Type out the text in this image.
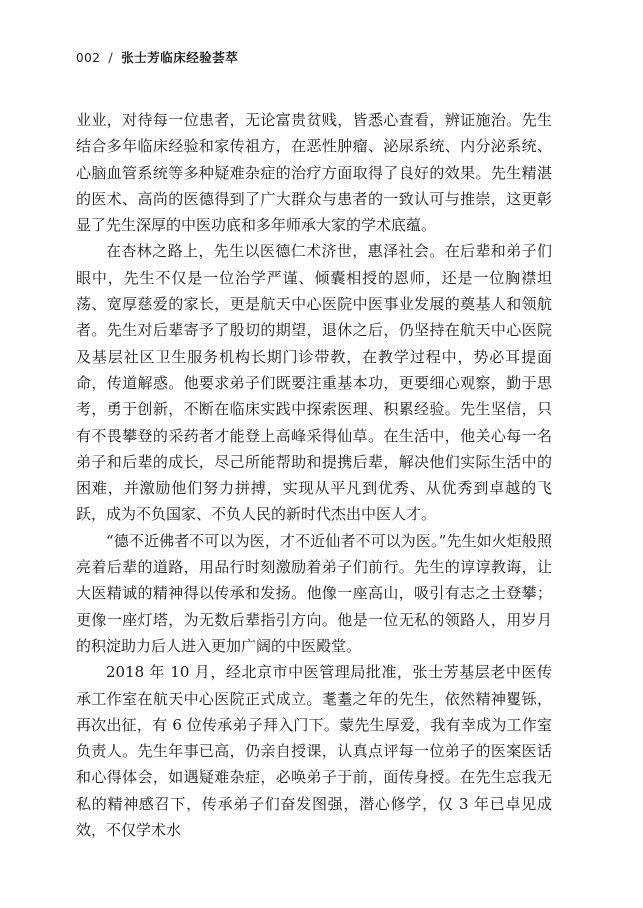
002 / 张士芳临床经验荟萃

业业，对待每一位患者，无论富贵贫贱，皆悉心查看，辨证施治。先生结合多年临床经验和家传祖方，在恶性肿瘤、泌尿系统、内分泌系统、心脑血管系统等多种疑难杂症的治疗方面取得了良好的效果。先生精湛的医术、高尚的医德得到了广大群众与患者的一致认可与推崇，这更彰显了先生深厚的中医功底和多年师承大家的学术底蕴。

在杏林之路上，先生以医德仁术济世，惠泽社会。在后辈和弟子们眼中，先生不仅是一位治学严谨、倾囊相授的恩师，还是一位胸襟坦荡、宽厚慈爱的家长，更是航天中心医院中医事业发展的奠基人和领航者。先生对后辈寄予了殷切的期望，退休之后，仍坚持在航天中心医院及基层社区卫生服务机构长期门诊带教，在教学过程中，势必耳提面命，传道解惑。他要求弟子们既要注重基本功，更要细心观察，勤于思考，勇于创新，不断在临床实践中探索医理、积累经验。先生坚信，只有不畏攀登的采药者才能登上高峰采得仙草。在生活中，他关心每一名弟子和后辈的成长，尽己所能帮助和提携后辈，解决他们实际生活中的困难，并激励他们努力拼搏，实现从平凡到优秀、从优秀到卓越的飞跃，成为不负国家、不负人民的新时代杰出中医人才。

“德不近佛者不可以为医，才不近仙者不可以为医。”先生如火炬般照亮着后辈的道路，用品行时刻激励着弟子们前行。先生的谆谆教诲，让大医精诚的精神得以传承和发扬。他像一座高山，吸引有志之士登攀；更像一座灯塔，为无数后辈指引方向。他是一位无私的领路人，用岁月的积淀助力后人进入更加广阔的中医殿堂。

2018 年 10 月，经北京市中医管理局批准，张士芳基层老中医传承工作室在航天中心医院正式成立。耄耋之年的先生，依然精神矍铄，再次出征，有 6 位传承弟子拜入门下。蒙先生厚爱，我有幸成为工作室负责人。先生年事已高，仍亲自授课，认真点评每一位弟子的医案医话和心得体会，如遇疑难杂症，必唤弟子于前，面传身授。在先生忘我无私的精神感召下，传承弟子们奋发图强，潜心修学，仅 3 年已卓见成效，不仅学术水
